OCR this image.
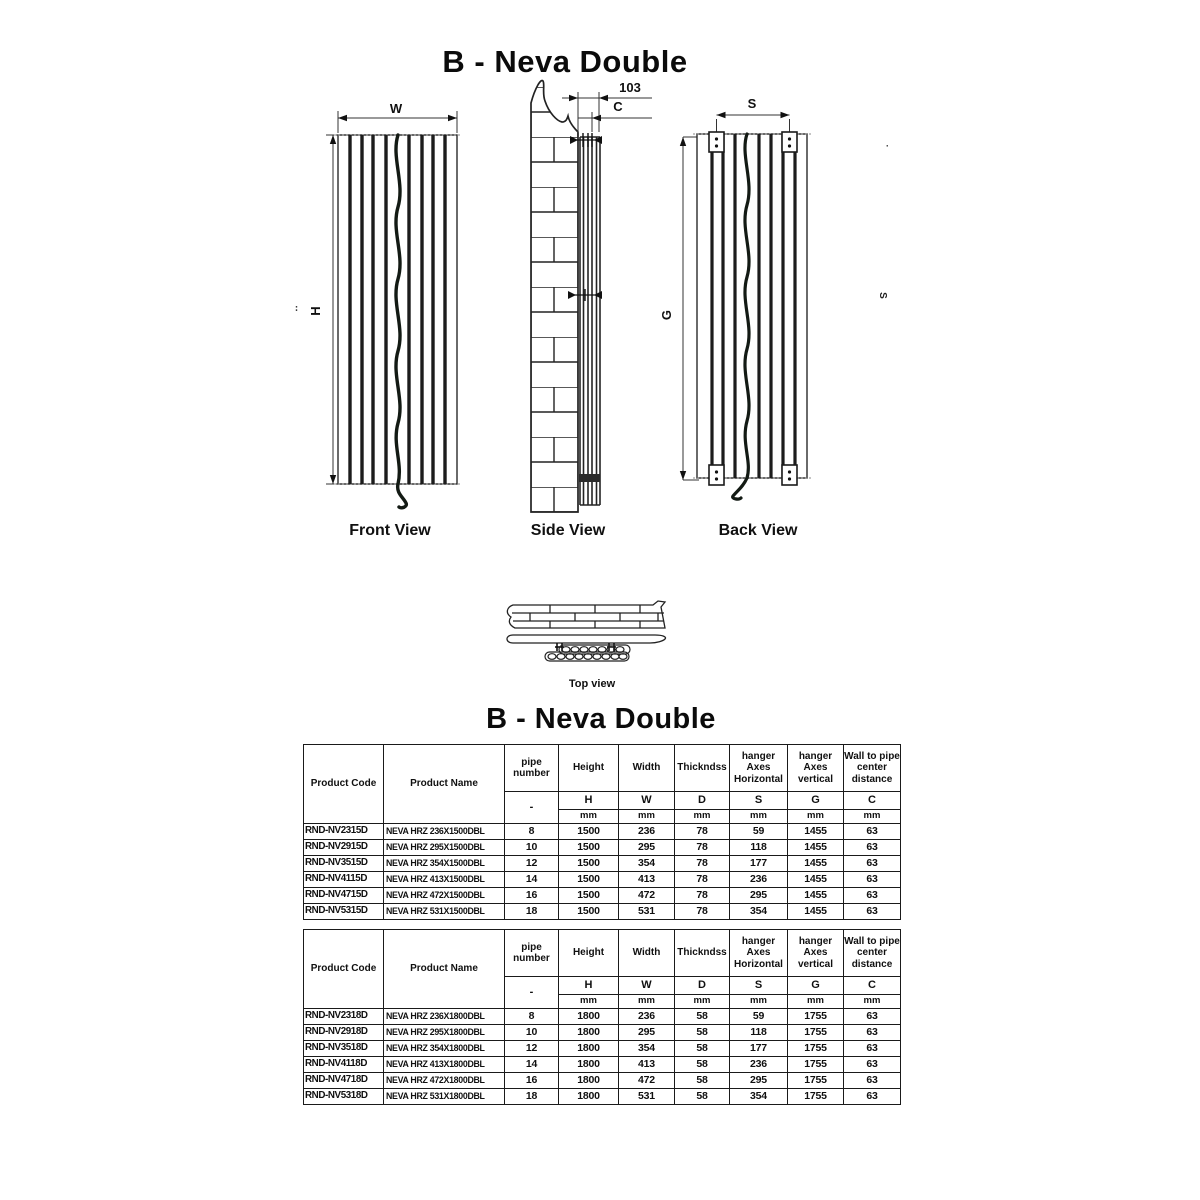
B - Neva Double
B - Neva Double
W
H
Front View
‥
103
C
Side View
S
G
Back View
·
S
Top view
Product Code	Product Name	pipe number	Height	Width	Thickndss	hanger Axes Horizontal	hanger Axes vertical	Wall to pipe center distance
		-	H	W	D	S	G	C
			mm	mm	mm	mm	mm	mm
RND-NV2315D	NEVA HRZ 236X1500DBL	8	1500	236	78	59	1455	63
RND-NV2915D	NEVA HRZ 295X1500DBL	10	1500	295	78	118	1455	63
RND-NV3515D	NEVA HRZ 354X1500DBL	12	1500	354	78	177	1455	63
RND-NV4115D	NEVA HRZ 413X1500DBL	14	1500	413	78	236	1455	63
RND-NV4715D	NEVA HRZ 472X1500DBL	16	1500	472	78	295	1455	63
RND-NV5315D	NEVA HRZ 531X1500DBL	18	1500	531	78	354	1455	63
Product Code	Product Name	pipe number	Height	Width	Thickndss	hanger Axes Horizontal	hanger Axes vertical	Wall to pipe center distance
		-	H	W	D	S	G	C
			mm	mm	mm	mm	mm	mm
RND-NV2318D	NEVA HRZ 236X1800DBL	8	1800	236	58	59	1755	63
RND-NV2918D	NEVA HRZ 295X1800DBL	10	1800	295	58	118	1755	63
RND-NV3518D	NEVA HRZ 354X1800DBL	12	1800	354	58	177	1755	63
RND-NV4118D	NEVA HRZ 413X1800DBL	14	1800	413	58	236	1755	63
RND-NV4718D	NEVA HRZ 472X1800DBL	16	1800	472	58	295	1755	63
RND-NV5318D	NEVA HRZ 531X1800DBL	18	1800	531	58	354	1755	63
